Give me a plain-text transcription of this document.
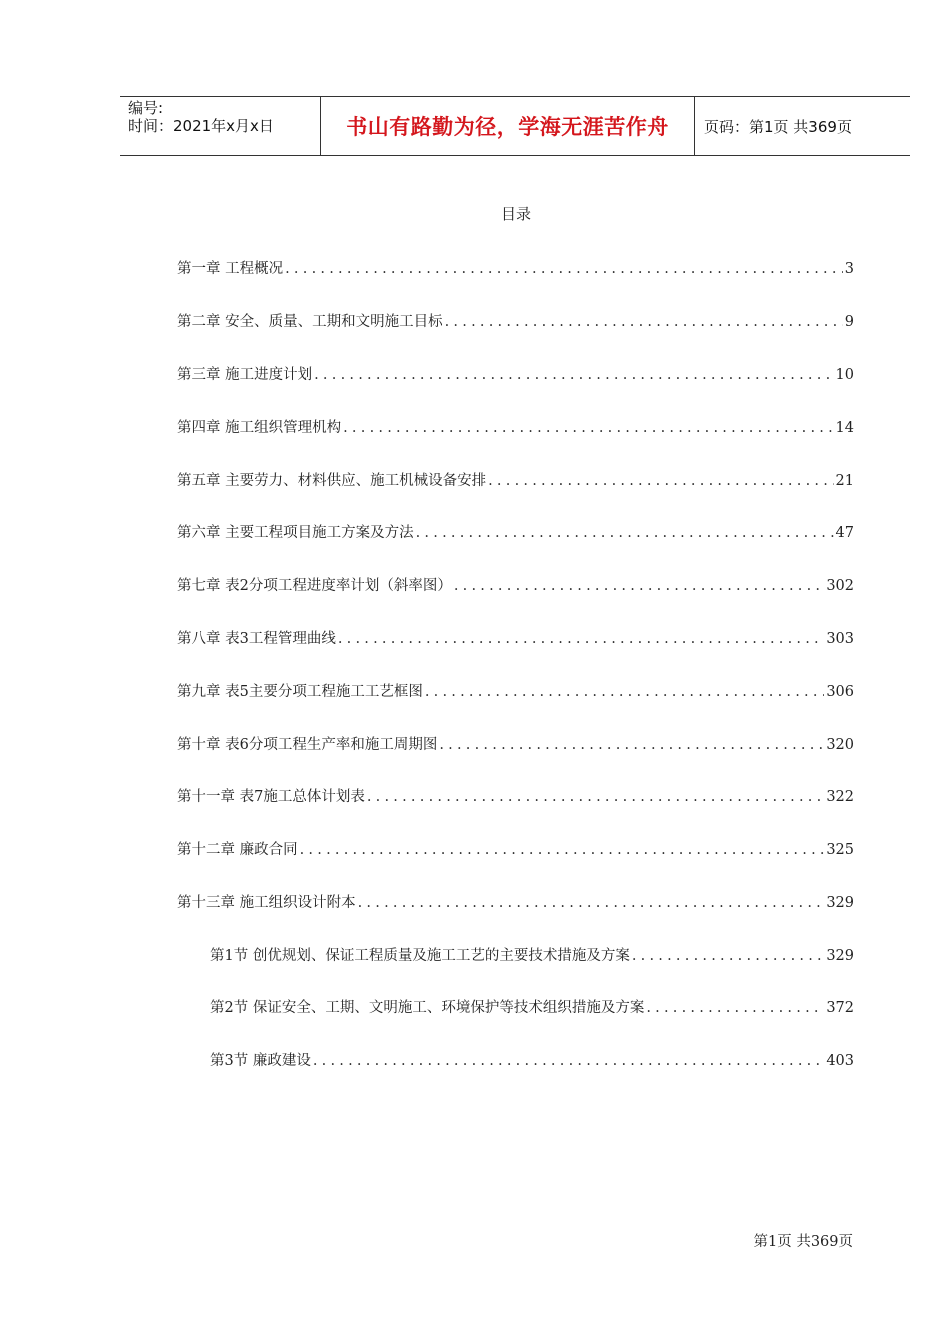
编号:
时间：2021年x月x日	书山有路勤为径，学海无涯苦作舟	页码：第1页 共369页
目录
第一章 工程概况 . . .	3
第二章 安全、质量、工期和文明施工目标 . . .	9
第三章 施工进度计划 . . .	10
第四章 施工组织管理机构 . . .	14
第五章 主要劳力、材料供应、施工机械设备安排 . . .	21
第六章 主要工程项目施工方案及方法 . . .	47
第七章 表2分项工程进度率计划（斜率图） . . .	302
第八章 表3工程管理曲线 . . .	303
第九章 表5主要分项工程施工工艺框图 . . .	306
第十章 表6分项工程生产率和施工周期图 . . .	320
第十一章 表7施工总体计划表 . . .	322
第十二章 廉政合同 . . .	325
第十三章 施工组织设计附本 . . .	329
第1节 创优规划、保证工程质量及施工工艺的主要技术措施及方案 . . .	329
第2节 保证安全、工期、文明施工、环境保护等技术组织措施及方案 . . .	372
第3节 廉政建设 . . .	403
第1页 共369页
